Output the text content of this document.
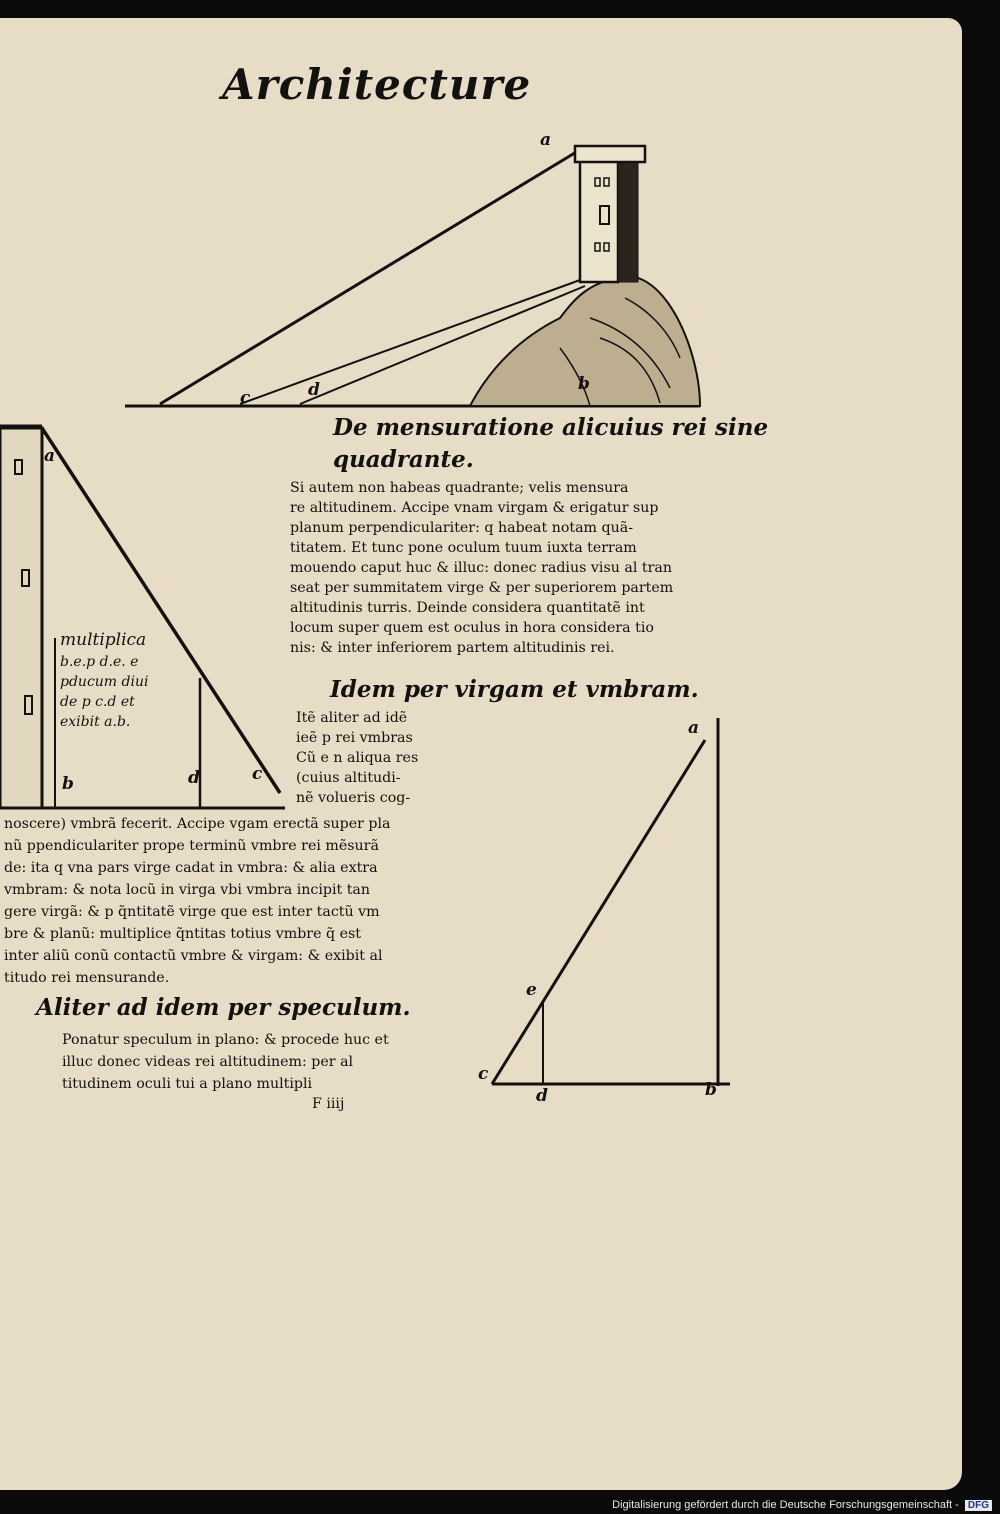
Architecture
a
b
c	d
a
b	c
d
multiplica
b.e.p d.e. e
pducum diui
de p c.d et
exibit a.b.	a
b
c
d
e
De mensuratione alicuius rei sine
quadrante.
Si autem non habeas quadrante; velis mensura
re altitudinem. Accipe vnam virgam & erigatur sup
planum perpendiculariter: q habeat notam quã-
titatem. Et tunc pone oculum tuum iuxta terram
mouendo caput huc & illuc: donec radius visu al tran
seat per summitatem virge & per superiorem partem
altitudinis turris. Deinde considera quantitatẽ int
locum super quem est oculus in hora considera tio
nis: & inter inferiorem partem altitudinis rei.
Idem per virgam et vmbram.
Itẽ aliter ad idẽ
ieẽ p rei vmbras
Cũ e n aliqua res
(cuius altitudi-
nẽ volueris cog-
noscere) vmbrã fecerit. Accipe vgam erectã super pla
nũ ppendiculariter prope terminũ vmbre rei mẽsurã
de: ita q vna pars virge cadat in vmbra: & alia extra
vmbram: & nota locũ in virga vbi vmbra incipit tan
gere virgã: & p q̃ntitatẽ virge que est inter tactũ vm
bre & planũ: multiplice q̃ntitas totius vmbre q̃ est
inter aliũ conũ contactũ vmbre & virgam: & exibit al
titudo rei mensurande.
Aliter ad idem per speculum.
Ponatur speculum in plano: & procede huc et
illuc donec videas rei altitudinem: per al
titudinem oculi tui a plano multipli
F iiij
Digitalisierung gefördert durch die Deutsche Forschungsgemeinschaft - DFG
